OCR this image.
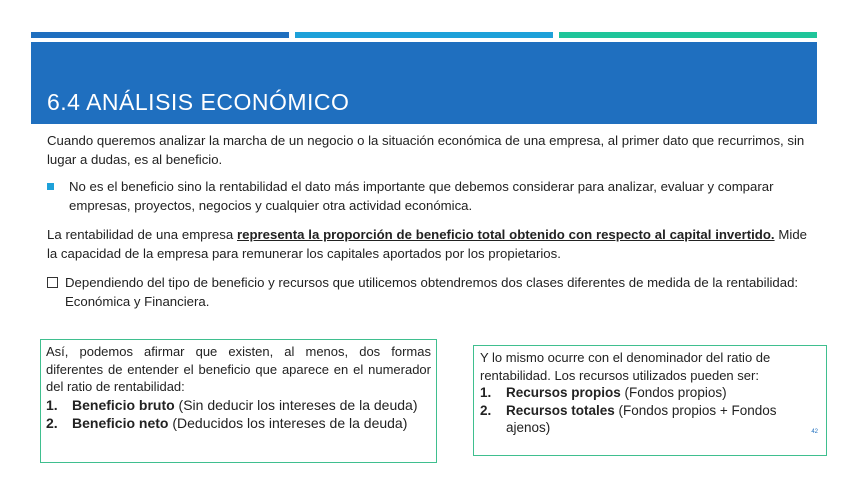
6.4 ANÁLISIS ECONÓMICO

Cuando queremos analizar la marcha de un negocio o la situación económica de una empresa, al primer dato que recurrimos, sin lugar a dudas, es al beneficio.

No es el beneficio sino la rentabilidad el dato más importante que debemos considerar para analizar, evaluar y comparar empresas, proyectos, negocios y cualquier otra actividad económica.

La rentabilidad de una empresa representa la proporción de beneficio total obtenido con respecto al capital invertido. Mide la capacidad de la empresa para remunerar los capitales aportados por los propietarios.

Dependiendo del tipo de beneficio y recursos que utilicemos obtendremos dos clases diferentes de medida de la rentabilidad: Económica y Financiera.

Así, podemos afirmar que existen, al menos, dos formas diferentes de entender el beneficio que aparece en el numerador del ratio de rentabilidad:

1. Beneficio bruto (Sin deducir los intereses de la deuda)
2. Beneficio neto (Deducidos los intereses de la deuda)

Y lo mismo ocurre con el denominador del ratio de rentabilidad. Los recursos utilizados pueden ser:

1. Recursos propios (Fondos propios)
2. Recursos totales (Fondos propios + Fondos ajenos)	42
